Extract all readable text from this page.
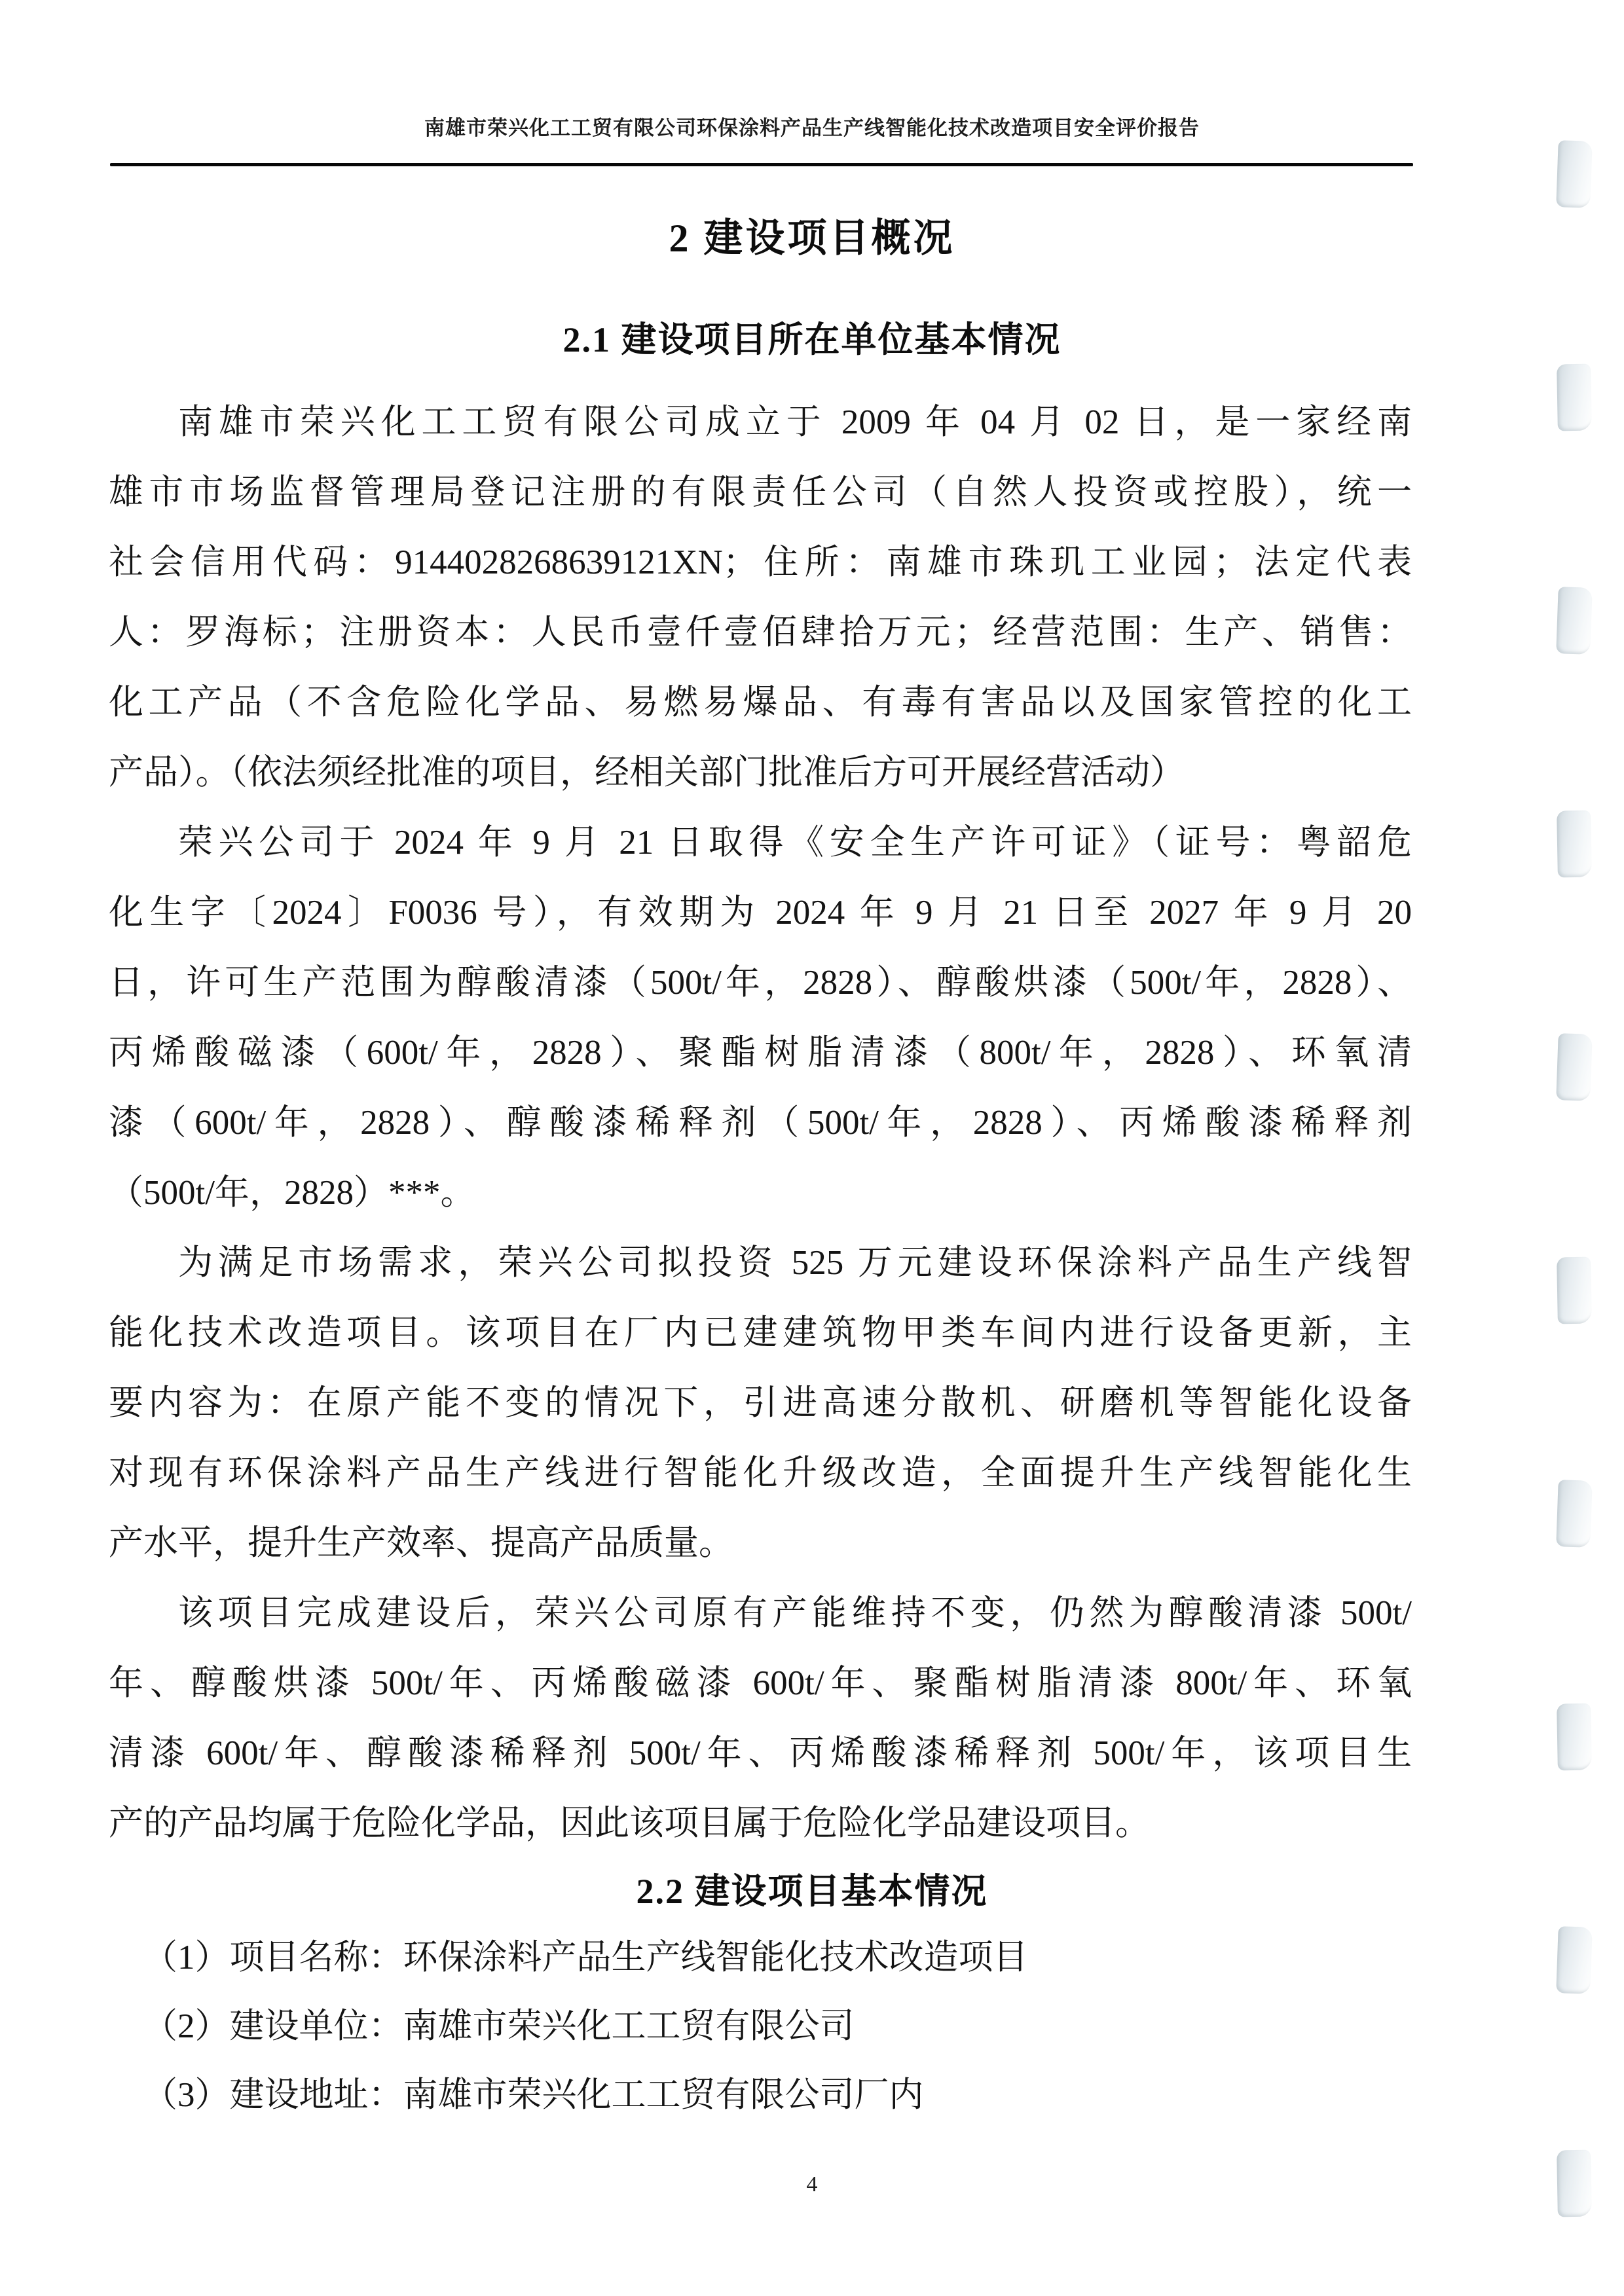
南雄市荣兴化工工贸有限公司环保涂料产品生产线智能化技术改造项目安全评价报告
2 建设项目概况
2.1 建设项目所在单位基本情况
南雄市荣兴化工工贸有限公司成立于 2009 年 04 月 02 日，是一家经南
雄市市场监督管理局登记注册的有限责任公司（自然人投资或控股），统一
社会信用代码：9144028268639121XN；住所：南雄市珠玑工业园；法定代表
人：罗海标；注册资本：人民币壹仟壹佰肆拾万元；经营范围：生产、销售：
化工产品（不含危险化学品、易燃易爆品、有毒有害品以及国家管控的化工
产品）。（依法须经批准的项目，经相关部门批准后方可开展经营活动）
荣兴公司于 2024 年 9 月 21 日取得《安全生产许可证》（证号：粤韶危
化生字〔2024〕F0036 号），有效期为 2024 年 9 月 21 日至 2027 年 9 月 20
日，许可生产范围为醇酸清漆（500t/年，2828）、醇酸烘漆（500t/年，2828）、
丙烯酸磁漆（600t/年，2828）、聚酯树脂清漆（800t/年，2828）、环氧清
漆（600t/年，2828）、醇酸漆稀释剂（500t/年，2828）、丙烯酸漆稀释剂
（500t/年，2828）***。
为满足市场需求，荣兴公司拟投资 525 万元建设环保涂料产品生产线智
能化技术改造项目。该项目在厂内已建建筑物甲类车间内进行设备更新，主
要内容为：在原产能不变的情况下，引进高速分散机、研磨机等智能化设备
对现有环保涂料产品生产线进行智能化升级改造，全面提升生产线智能化生
产水平，提升生产效率、提高产品质量。
该项目完成建设后，荣兴公司原有产能维持不变，仍然为醇酸清漆 500t/
年、醇酸烘漆 500t/年、丙烯酸磁漆 600t/年、聚酯树脂清漆 800t/年、环氧
清漆 600t/年、醇酸漆稀释剂 500t/年、丙烯酸漆稀释剂 500t/年，该项目生
产的产品均属于危险化学品，因此该项目属于危险化学品建设项目。
2.2 建设项目基本情况
（1）项目名称：环保涂料产品生产线智能化技术改造项目
（2）建设单位：南雄市荣兴化工工贸有限公司
（3）建设地址：南雄市荣兴化工工贸有限公司厂内
4
